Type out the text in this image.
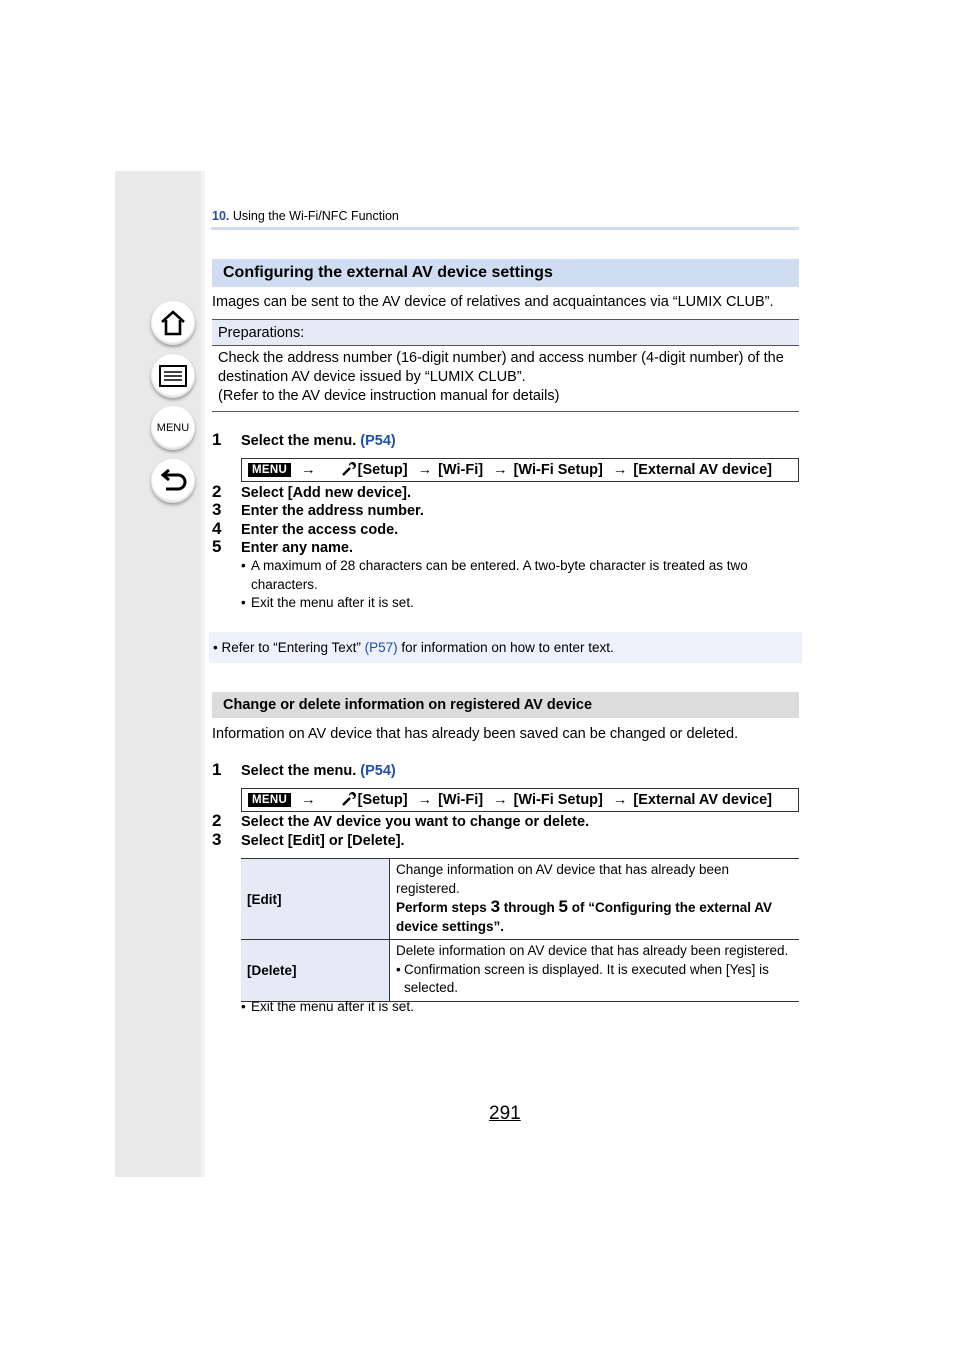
MENU
10. Using the Wi-Fi/NFC Function
Configuring the external AV device settings
Images can be sent to the AV device of relatives and acquaintances via “LUMIX CLUB”.
Preparations:
Check the address number (16-digit number) and access number (4-digit number) of the
destination AV device issued by “LUMIX CLUB”.
(Refer to the AV device instruction manual for details)
1 Select the menu. (P54)
MENU →	[Setup] → [Wi-Fi] → [Wi-Fi Setup] → [External AV device]
2 Select [Add new device].
3 Enter the address number.
4 Enter the access code.
5 Enter any name.
• A maximum of 28 characters can be entered. A two-byte character is treated as two
characters.
• Exit the menu after it is set.
• Refer to “Entering Text” (P57) for information on how to enter text.
Change or delete information on registered AV device
Information on AV device that has already been saved can be changed or deleted.
1 Select the menu. (P54)
MENU →	[Setup] → [Wi-Fi] → [Wi-Fi Setup] → [External AV device]
2 Select the AV device you want to change or delete.
3 Select [Edit] or [Delete].
[Edit]	Change information on AV device that has already been
registered.
Perform steps 3 through 5 of “Configuring the external AV
device settings”.

[Delete]	Delete information on AV device that has already been registered.
• Confirmation screen is displayed. It is executed when [Yes] is
selected.
• Exit the menu after it is set.
291
